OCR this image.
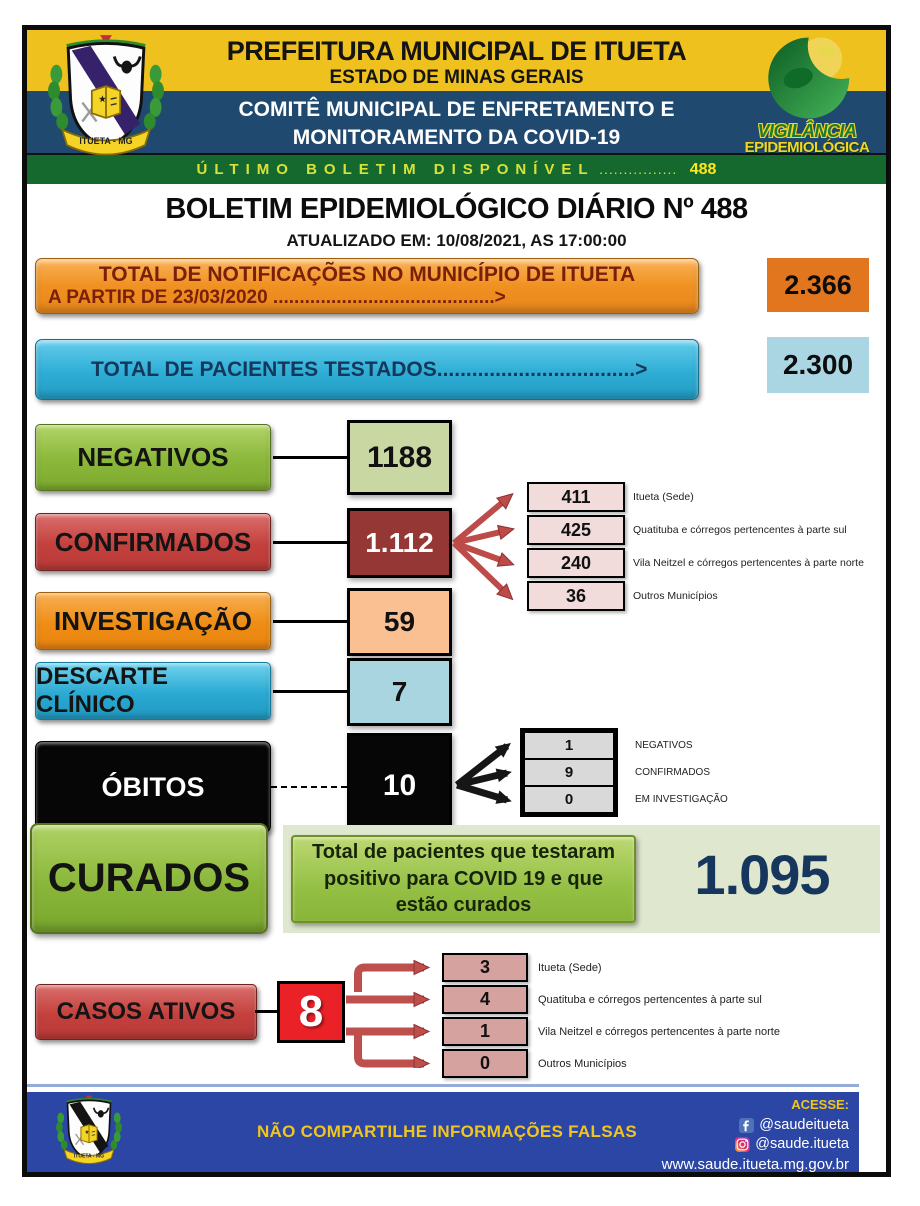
PREFEITURA MUNICIPAL DE ITUETA
ESTADO DE MINAS GERAIS
COMITÊ MUNICIPAL DE ENFRETAMENTO E
MONITORAMENTO DA COVID-19
ÚLTIMO BOLETIM DISPONÍVEL ................ 488
VIGILÂNCIA
EPIDEMIOLÓGICA
BOLETIM EPIDEMIOLÓGICO DIÁRIO Nº 488
ATUALIZADO EM: 10/08/2021, AS 17:00:00
TOTAL DE NOTIFICAÇÕES NO MUNICÍPIO DE ITUETA
A PARTIR DE 23/03/2020 ..........................................>	2.366
TOTAL DE PACIENTES TESTADOS..................................>	2.300
NEGATIVOS	1188
CONFIRMADOS	1.112
411	Itueta (Sede)
425	Quatituba e córregos pertencentes à parte sul
240	Vila Neitzel e córregos pertencentes à parte norte
36	Outros Municípios
INVESTIGAÇÃO	59
DESCARTE CLÍNICO	7
ÓBITOS	10
1	NEGATIVOS
9	CONFIRMADOS
0	EM INVESTIGAÇÃO
CURADOS
Total de pacientes que testaram positivo para COVID 19 e que estão curados	1.095
CASOS ATIVOS	8
3	Itueta (Sede)
4	Quatituba e córregos pertencentes à parte sul
1	Vila Neitzel e córregos pertencentes à parte norte
0	Outros Municípios
NÃO COMPARTILHE INFORMAÇÕES FALSAS
ACESSE:
@saudeitueta
@saude.itueta
www.saude.itueta.mg.gov.br
